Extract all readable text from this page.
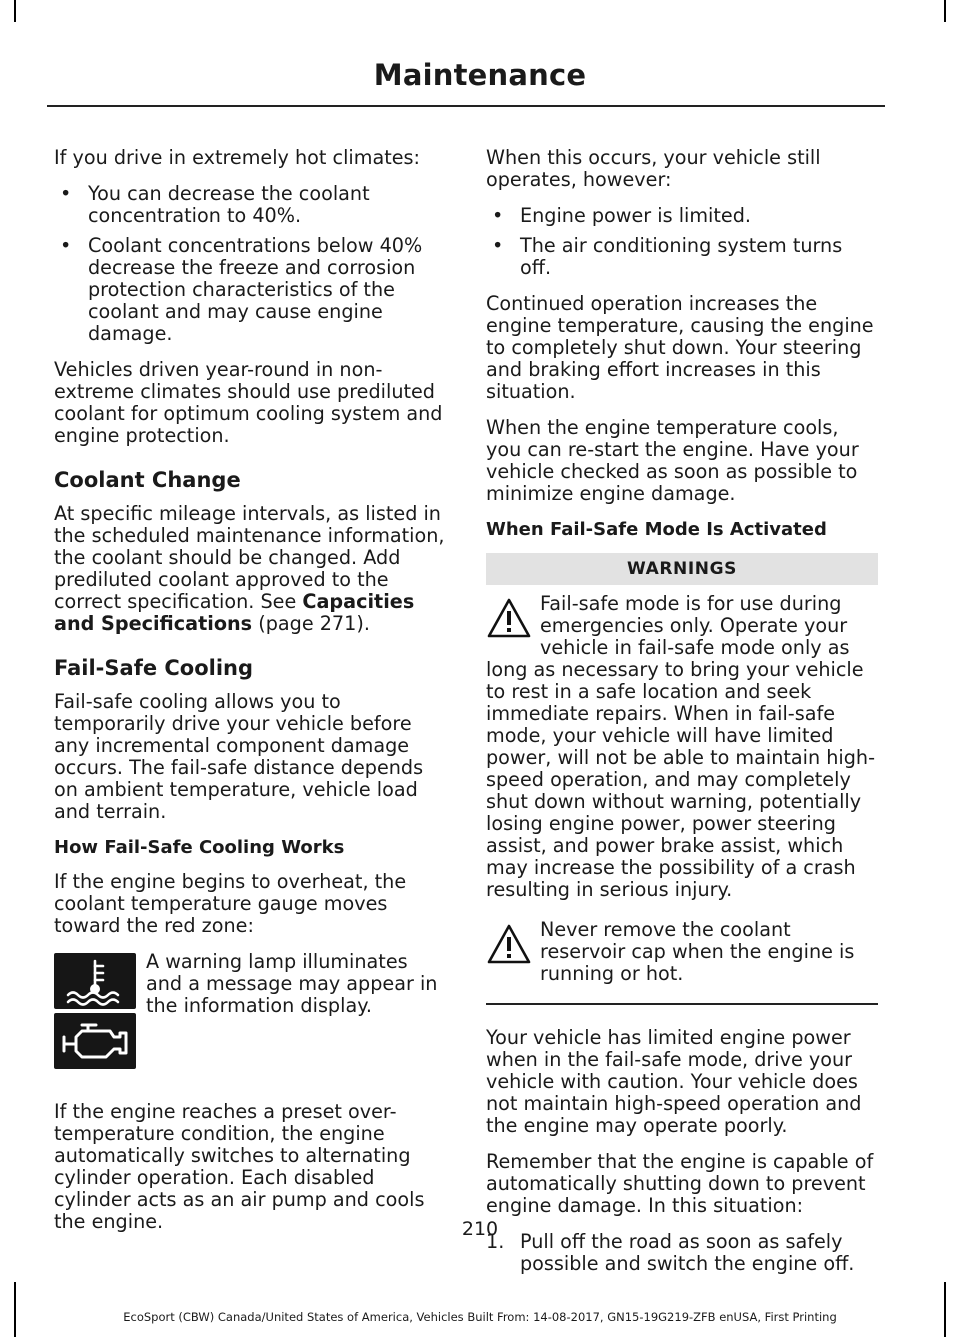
Maintenance

If you drive in extremely hot climates:

• You can decrease the coolant concentration to 40%.
• Coolant concentrations below 40% decrease the freeze and corrosion protection characteristics of the coolant and may cause engine damage.

Vehicles driven year-round in non-extreme climates should use prediluted coolant for optimum cooling system and engine protection.

Coolant Change

At specific mileage intervals, as listed in the scheduled maintenance information, the coolant should be changed. Add prediluted coolant approved to the correct specification. See Capacities and Specifications (page 271).

Fail-Safe Cooling

Fail-safe cooling allows you to temporarily drive your vehicle before any incremental component damage occurs. The fail-safe distance depends on ambient temperature, vehicle load and terrain.

How Fail-Safe Cooling Works

If the engine begins to overheat, the coolant temperature gauge moves toward the red zone:

A warning lamp illuminates and a message may appear in the information display.

If the engine reaches a preset over-temperature condition, the engine automatically switches to alternating cylinder operation. Each disabled cylinder acts as an air pump and cools the engine.

When this occurs, your vehicle still operates, however:

• Engine power is limited.
• The air conditioning system turns off.

Continued operation increases the engine temperature, causing the engine to completely shut down. Your steering and braking effort increases in this situation.

When the engine temperature cools, you can re-start the engine. Have your vehicle checked as soon as possible to minimize engine damage.

When Fail-Safe Mode Is Activated
WARNINGS
Fail-safe mode is for use during emergencies only. Operate your vehicle in fail-safe mode only as long as necessary to bring your vehicle to rest in a safe location and seek immediate repairs. When in fail-safe mode, your vehicle will have limited power, will not be able to maintain high-speed operation, and may completely shut down without warning, potentially losing engine power, power steering assist, and power brake assist, which may increase the possibility of a crash resulting in serious injury.
Never remove the coolant reservoir cap when the engine is running or hot.

Your vehicle has limited engine power when in the fail-safe mode, drive your vehicle with caution. Your vehicle does not maintain high-speed operation and the engine may operate poorly.

Remember that the engine is capable of automatically shutting down to prevent engine damage. In this situation:

1. Pull off the road as soon as safely possible and switch the engine off.
210
EcoSport (CBW) Canada/United States of America, Vehicles Built From: 14-08-2017, GN15-19G219-ZFB enUSA, First Printing
